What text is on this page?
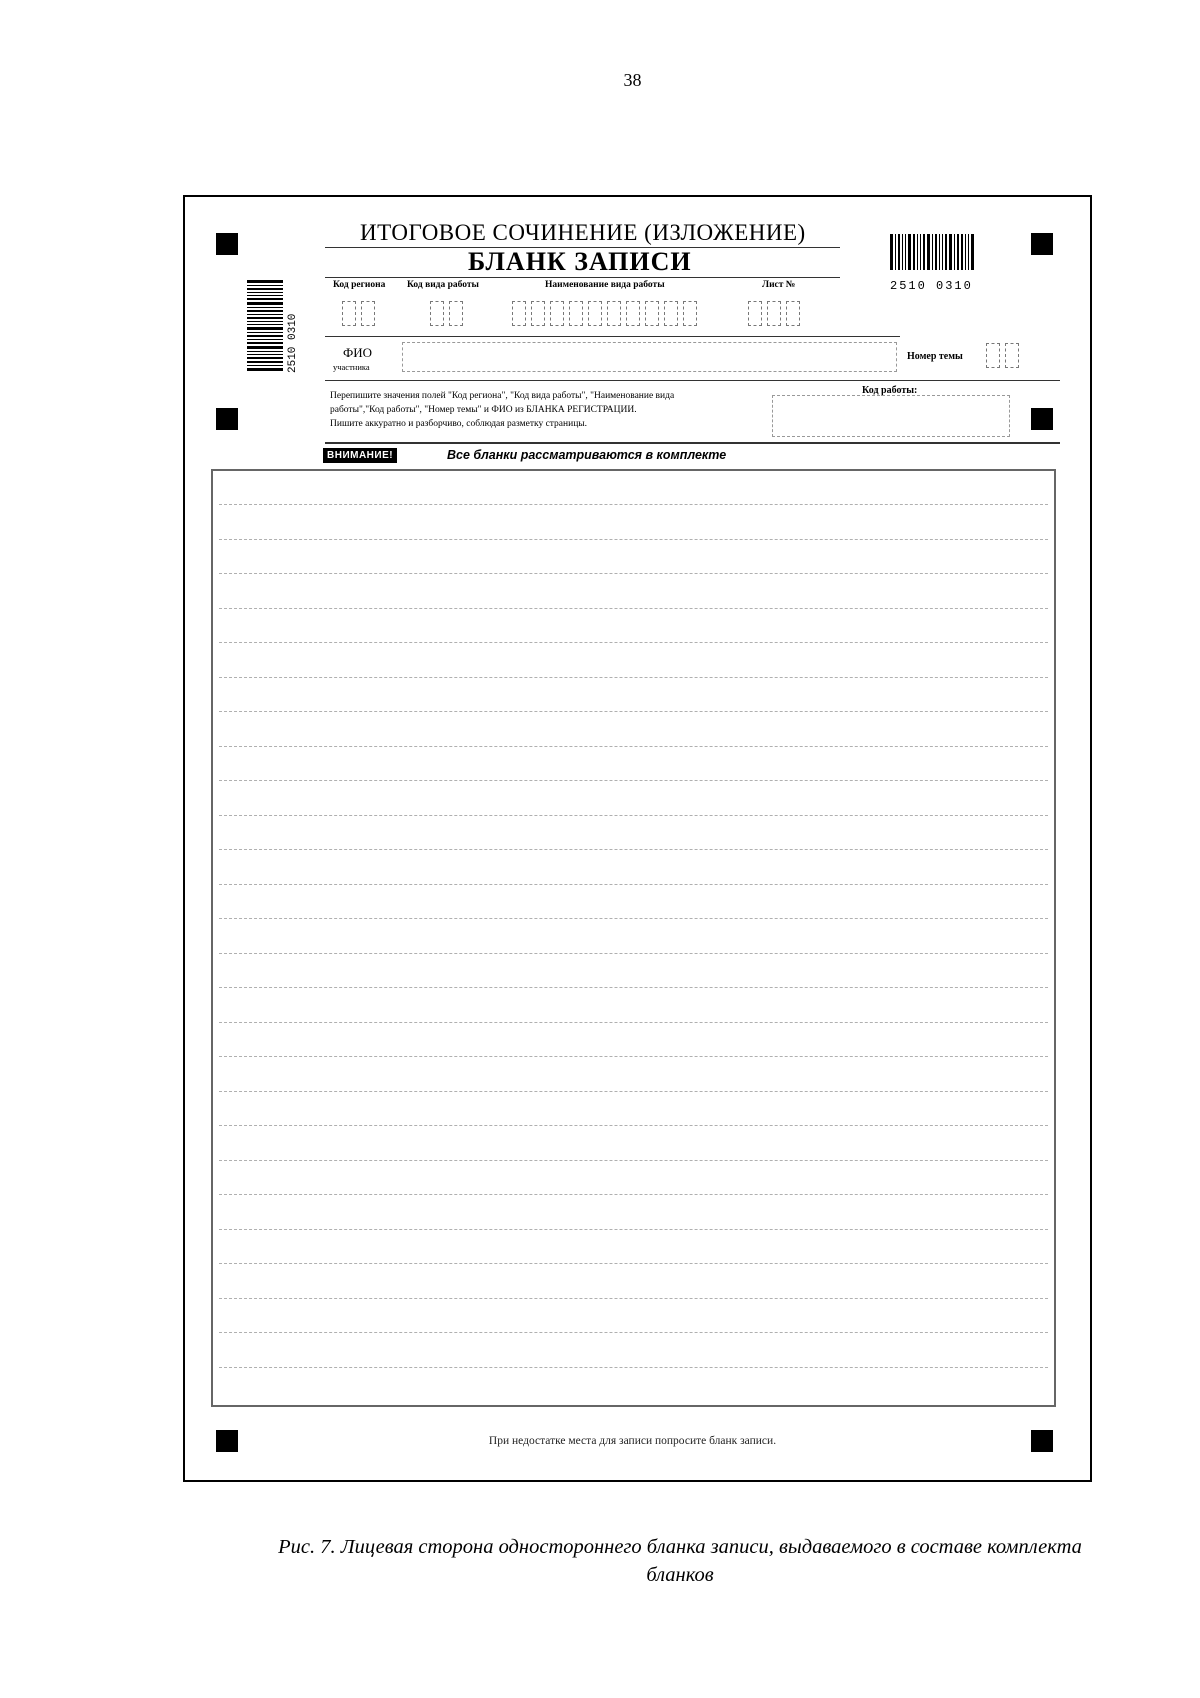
38
2510 0310
2510 0310
ИТОГОВОЕ СОЧИНЕНИЕ (ИЗЛОЖЕНИЕ)
БЛАНК ЗАПИСИ
Код региона Код вида работы	Наименование вида работы	Лист №
ФИО
участника
Номер темы
Перепишите значения полей "Код региона", "Код вида работы", "Наименование вида
работы","Код работы", "Номер темы" и ФИО из БЛАНКА РЕГИСТРАЦИИ.
Пишите аккуратно и разборчиво, соблюдая разметку страницы.
Код работы:
ВНИМАНИЕ!	Все бланки рассматриваются в комплекте
При недостатке места для записи попросите бланк записи.
Рис. 7. Лицевая сторона одностороннего бланка записи, выдаваемого в составе комплекта
бланков
